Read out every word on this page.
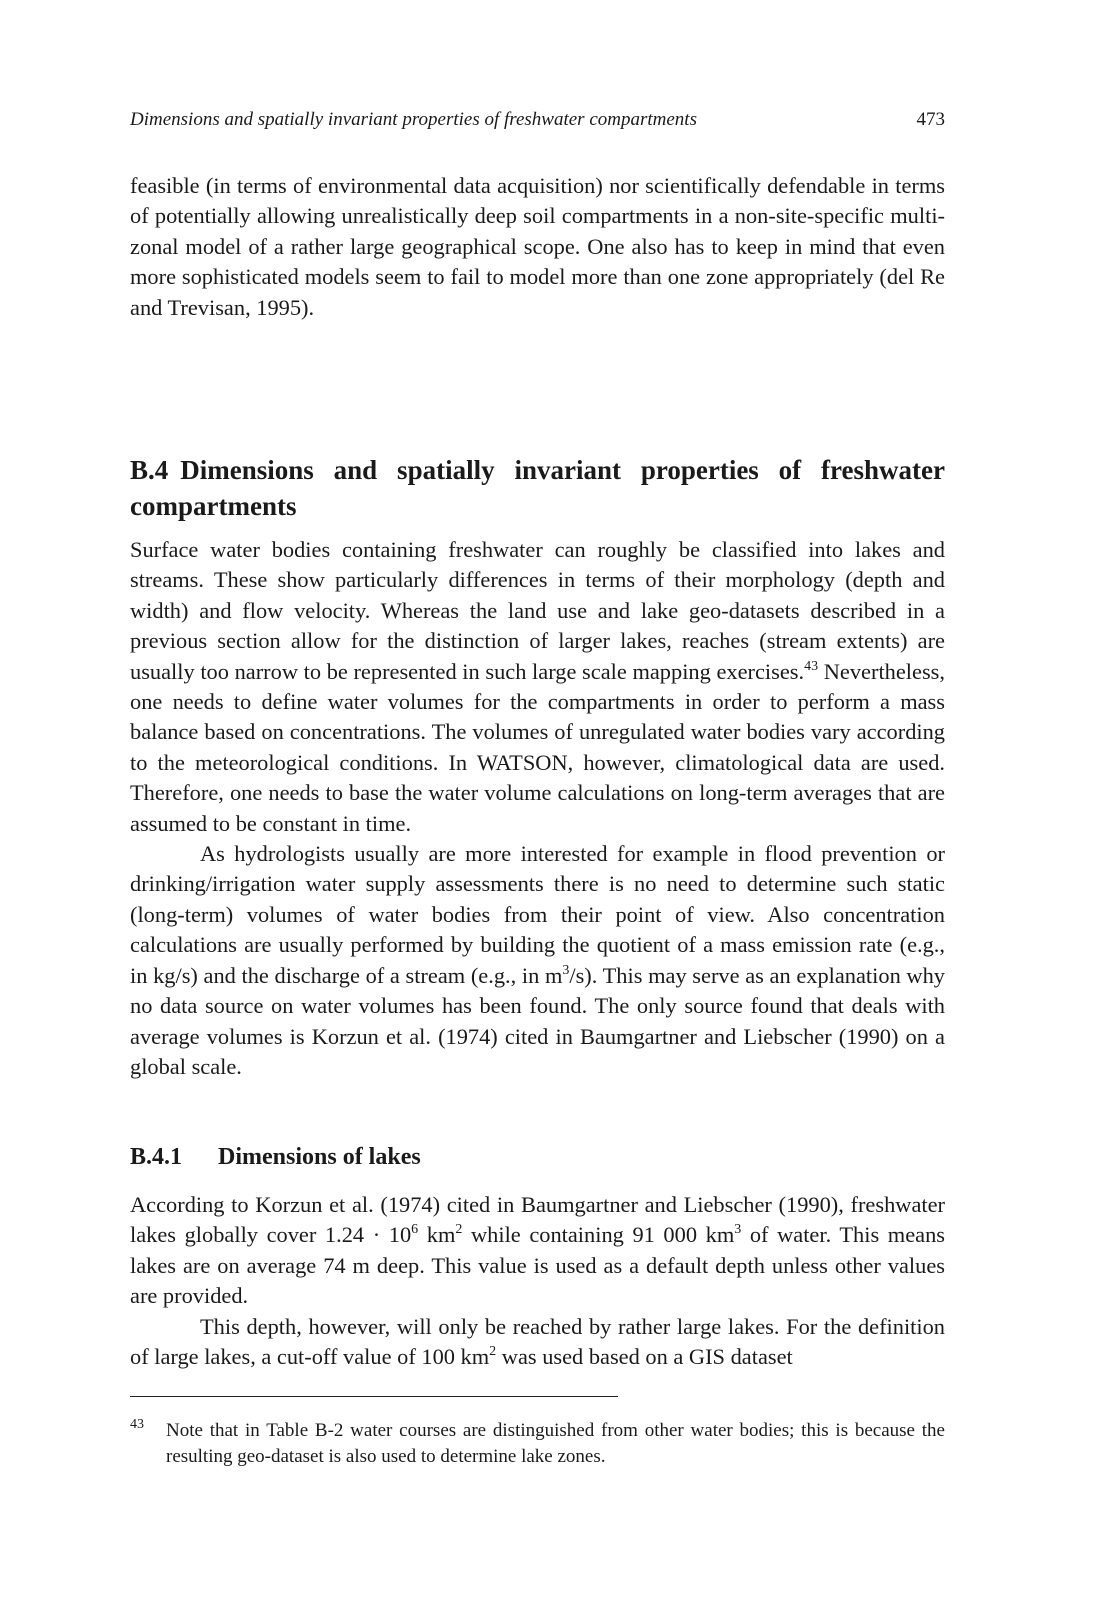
Dimensions and spatially invariant properties of freshwater compartments	473

feasible (in terms of environmental data acquisition) nor scientifically defendable in terms of potentially allowing unrealistically deep soil compartments in a non-site-specific multi-zonal model of a rather large geographical scope. One also has to keep in mind that even more sophisticated models seem to fail to model more than one zone appropriately (del Re and Trevisan, 1995).

B.4 Dimensions and spatially invariant properties of freshwater compartments

Surface water bodies containing freshwater can roughly be classified into lakes and streams. These show particularly differences in terms of their morphology (depth and width) and flow velocity. Whereas the land use and lake geo-datasets described in a previous section allow for the distinction of larger lakes, reaches (stream extents) are usually too narrow to be represented in such large scale mapping exercises.$^{43}$ Nevertheless, one needs to define water volumes for the compartments in order to perform a mass balance based on concentrations. The volumes of unregulated water bodies vary according to the meteorological conditions. In WATSON, however, climatological data are used. Therefore, one needs to base the water volume calculations on long-term averages that are assumed to be constant in time.

As hydrologists usually are more interested for example in flood prevention or drinking/irrigation water supply assessments there is no need to determine such static (long-term) volumes of water bodies from their point of view. Also concentration calculations are usually performed by building the quotient of a mass emission rate (e.g., in kg/s) and the discharge of a stream (e.g., in $m^3/s$). This may serve as an explanation why no data source on water volumes has been found. The only source found that deals with average volumes is Korzun et al. (1974) cited in Baumgartner and Liebscher (1990) on a global scale.

B.4.1 Dimensions of lakes

According to Korzun et al. (1974) cited in Baumgartner and Liebscher (1990), freshwater lakes globally cover $1.24 \cdot 10^6$ $km^2$ while containing 91 000 $km^3$ of water. This means lakes are on average 74 m deep. This value is used as a default depth unless other values are provided.

This depth, however, will only be reached by rather large lakes. For the definition of large lakes, a cut-off value of 100 $km^2$ was used based on a GIS dataset

43	Note that in Table B-2 water courses are distinguished from other water bodies; this is because the resulting geo-dataset is also used to determine lake zones.
